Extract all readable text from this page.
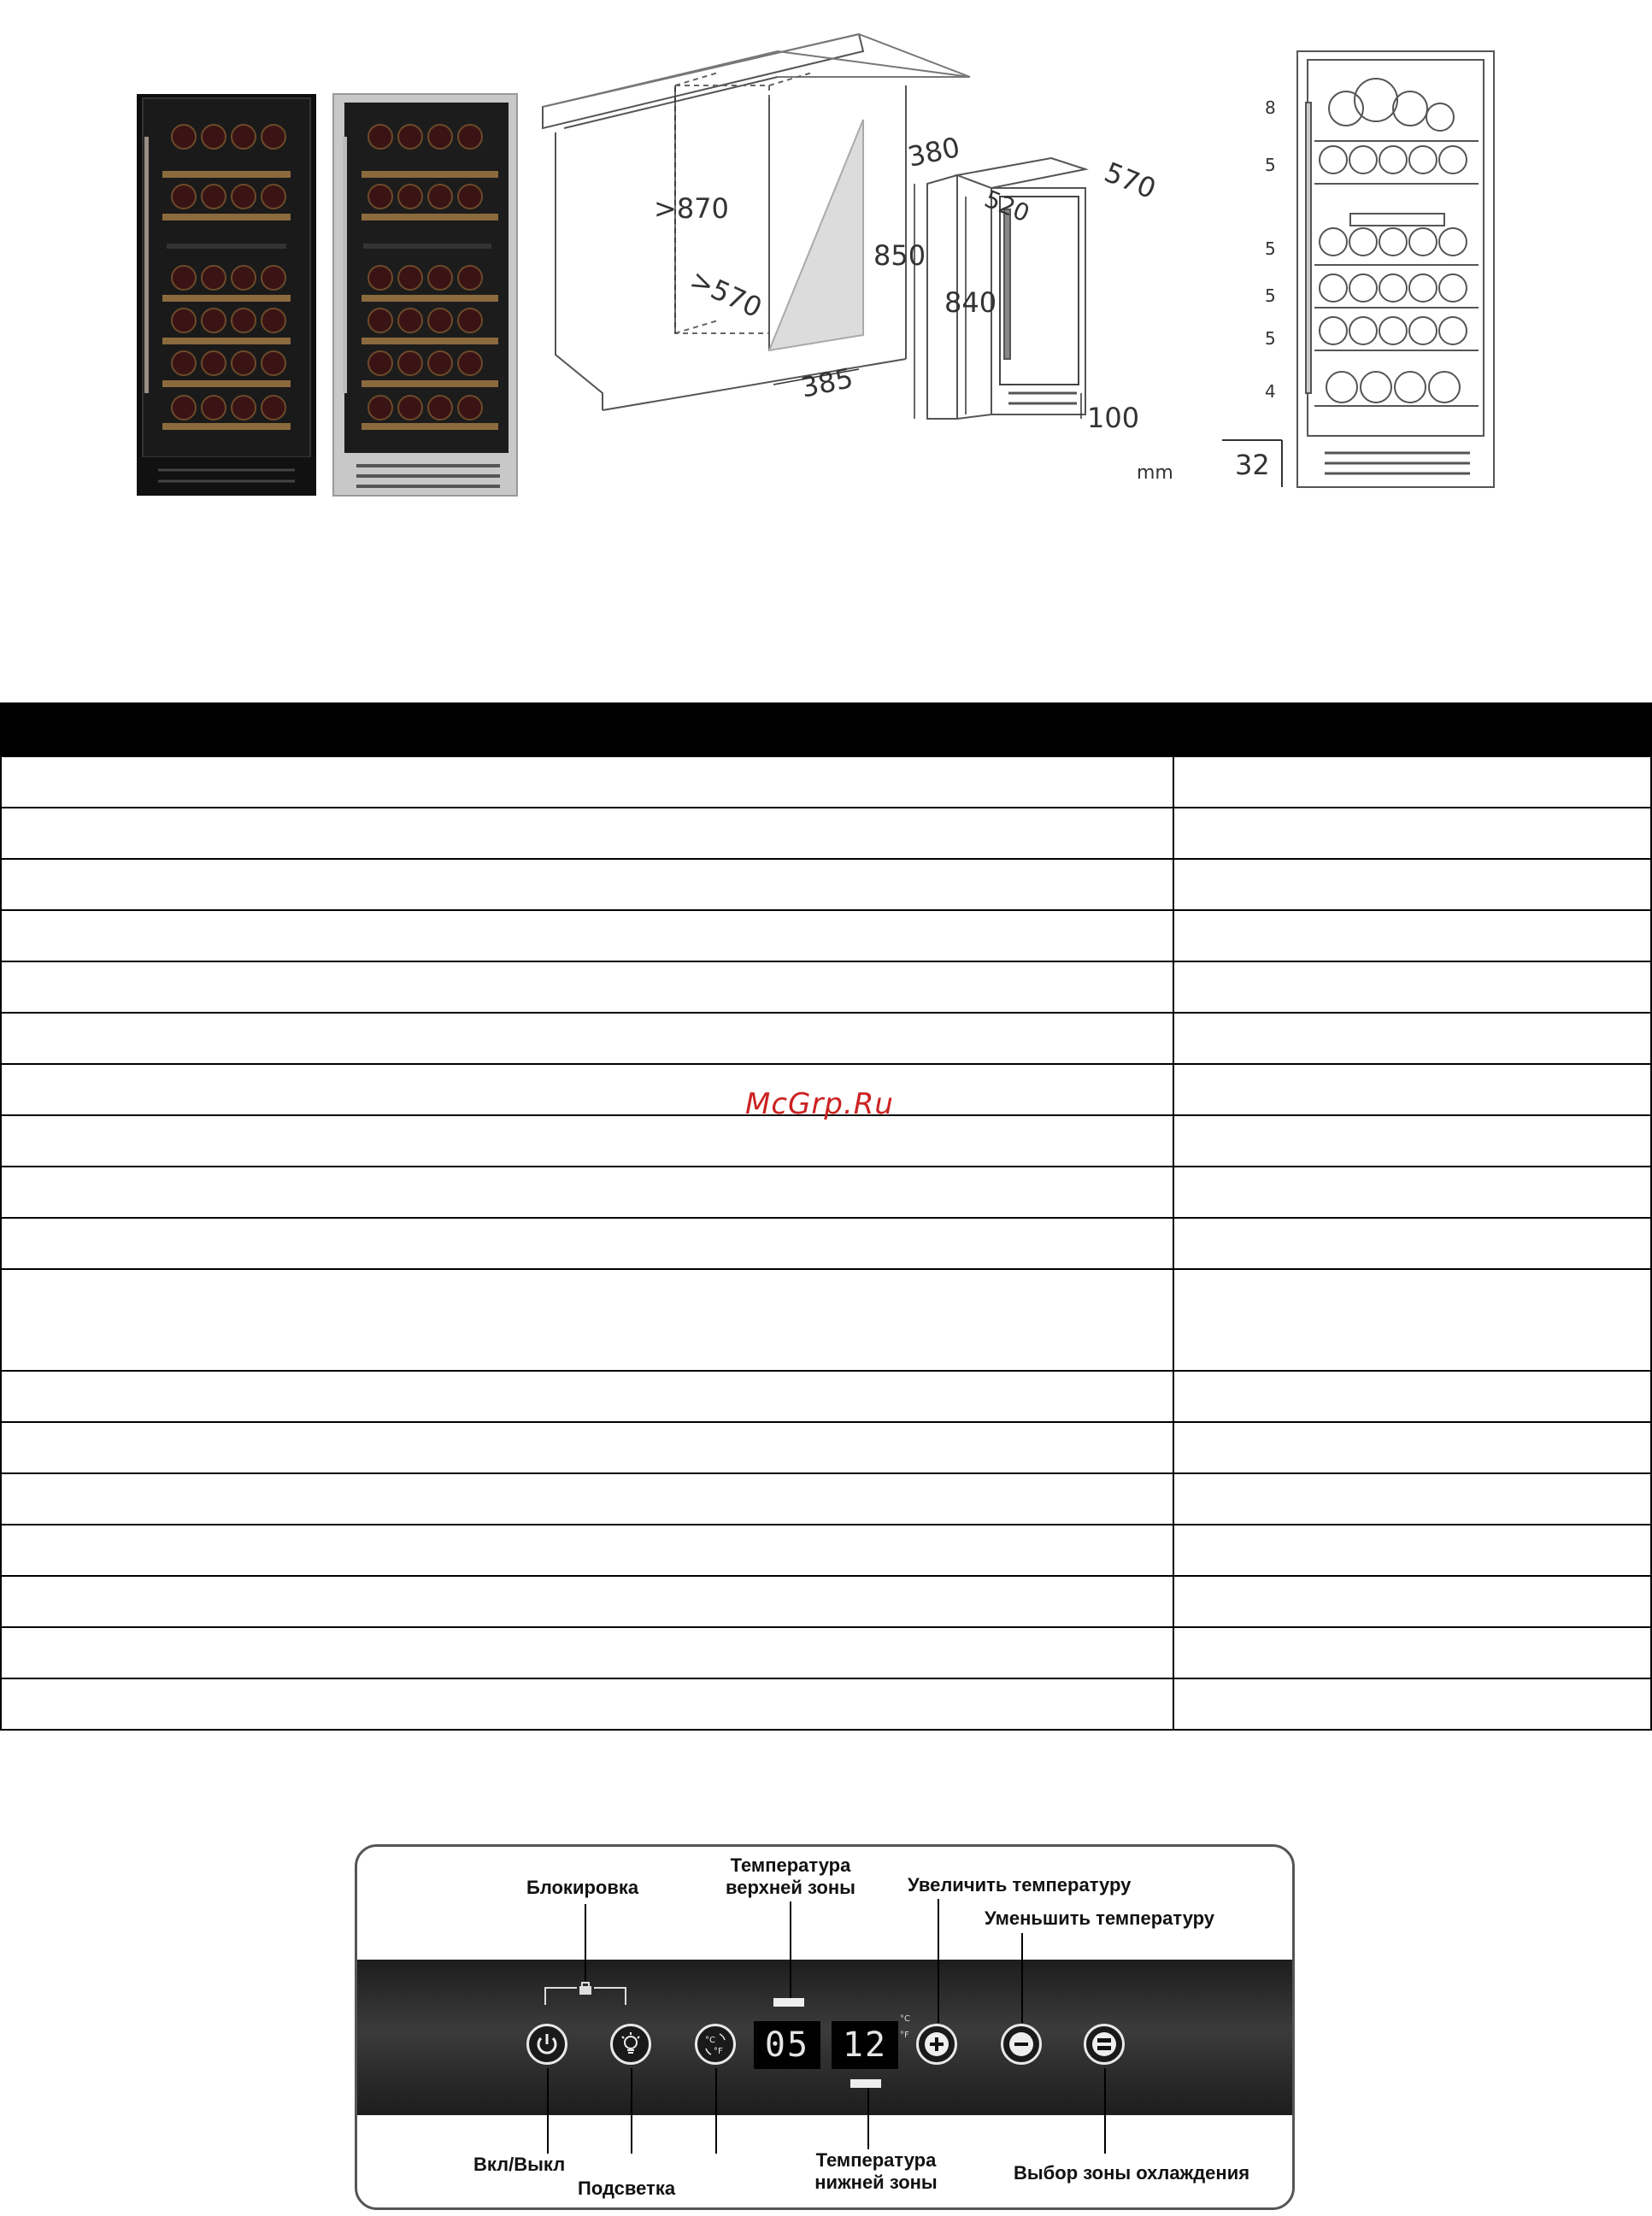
>870
>570
385
380
570
520
850
840
100
mm
8
5
5
5
5
4
32

McGrp.Ru
Блокировка
Температура
верхней зоны	Увеличить температуру
Уменьшить температуру
Вкл/Выкл
Подсветка
Температура
нижней зоны	Выбор зоны охлаждения
°C
°F	05 12
°C
°F
